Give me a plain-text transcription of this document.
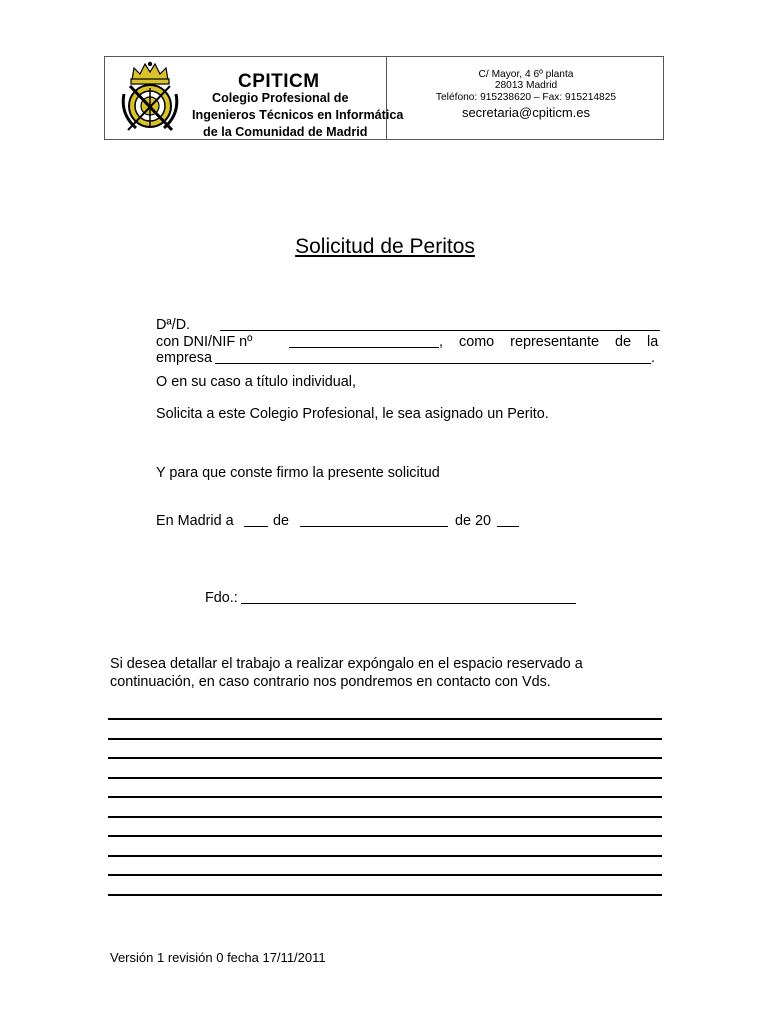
CPITICM
Colegio Profesional de
Ingenieros Técnicos en Informática
de la Comunidad de Madrid
C/ Mayor, 4 6º planta
28013 Madrid
Teléfono: 915238620 – Fax: 915214825
secretaria@cpiticm.es
Solicitud de Peritos
Dª/D.
con DNI/NIF nº	, como representante de la
empresa	.
O en su caso a título individual,
Solicita a este Colegio Profesional, le sea asignado un Perito.
Y para que conste firmo la presente solicitud
En Madrid a	de	de 20
Fdo.:
Si desea detallar el trabajo a realizar expóngalo en el espacio reservado a
continuación, en caso contrario nos pondremos en contacto con Vds.
Versión 1 revisión 0 fecha 17/11/2011
